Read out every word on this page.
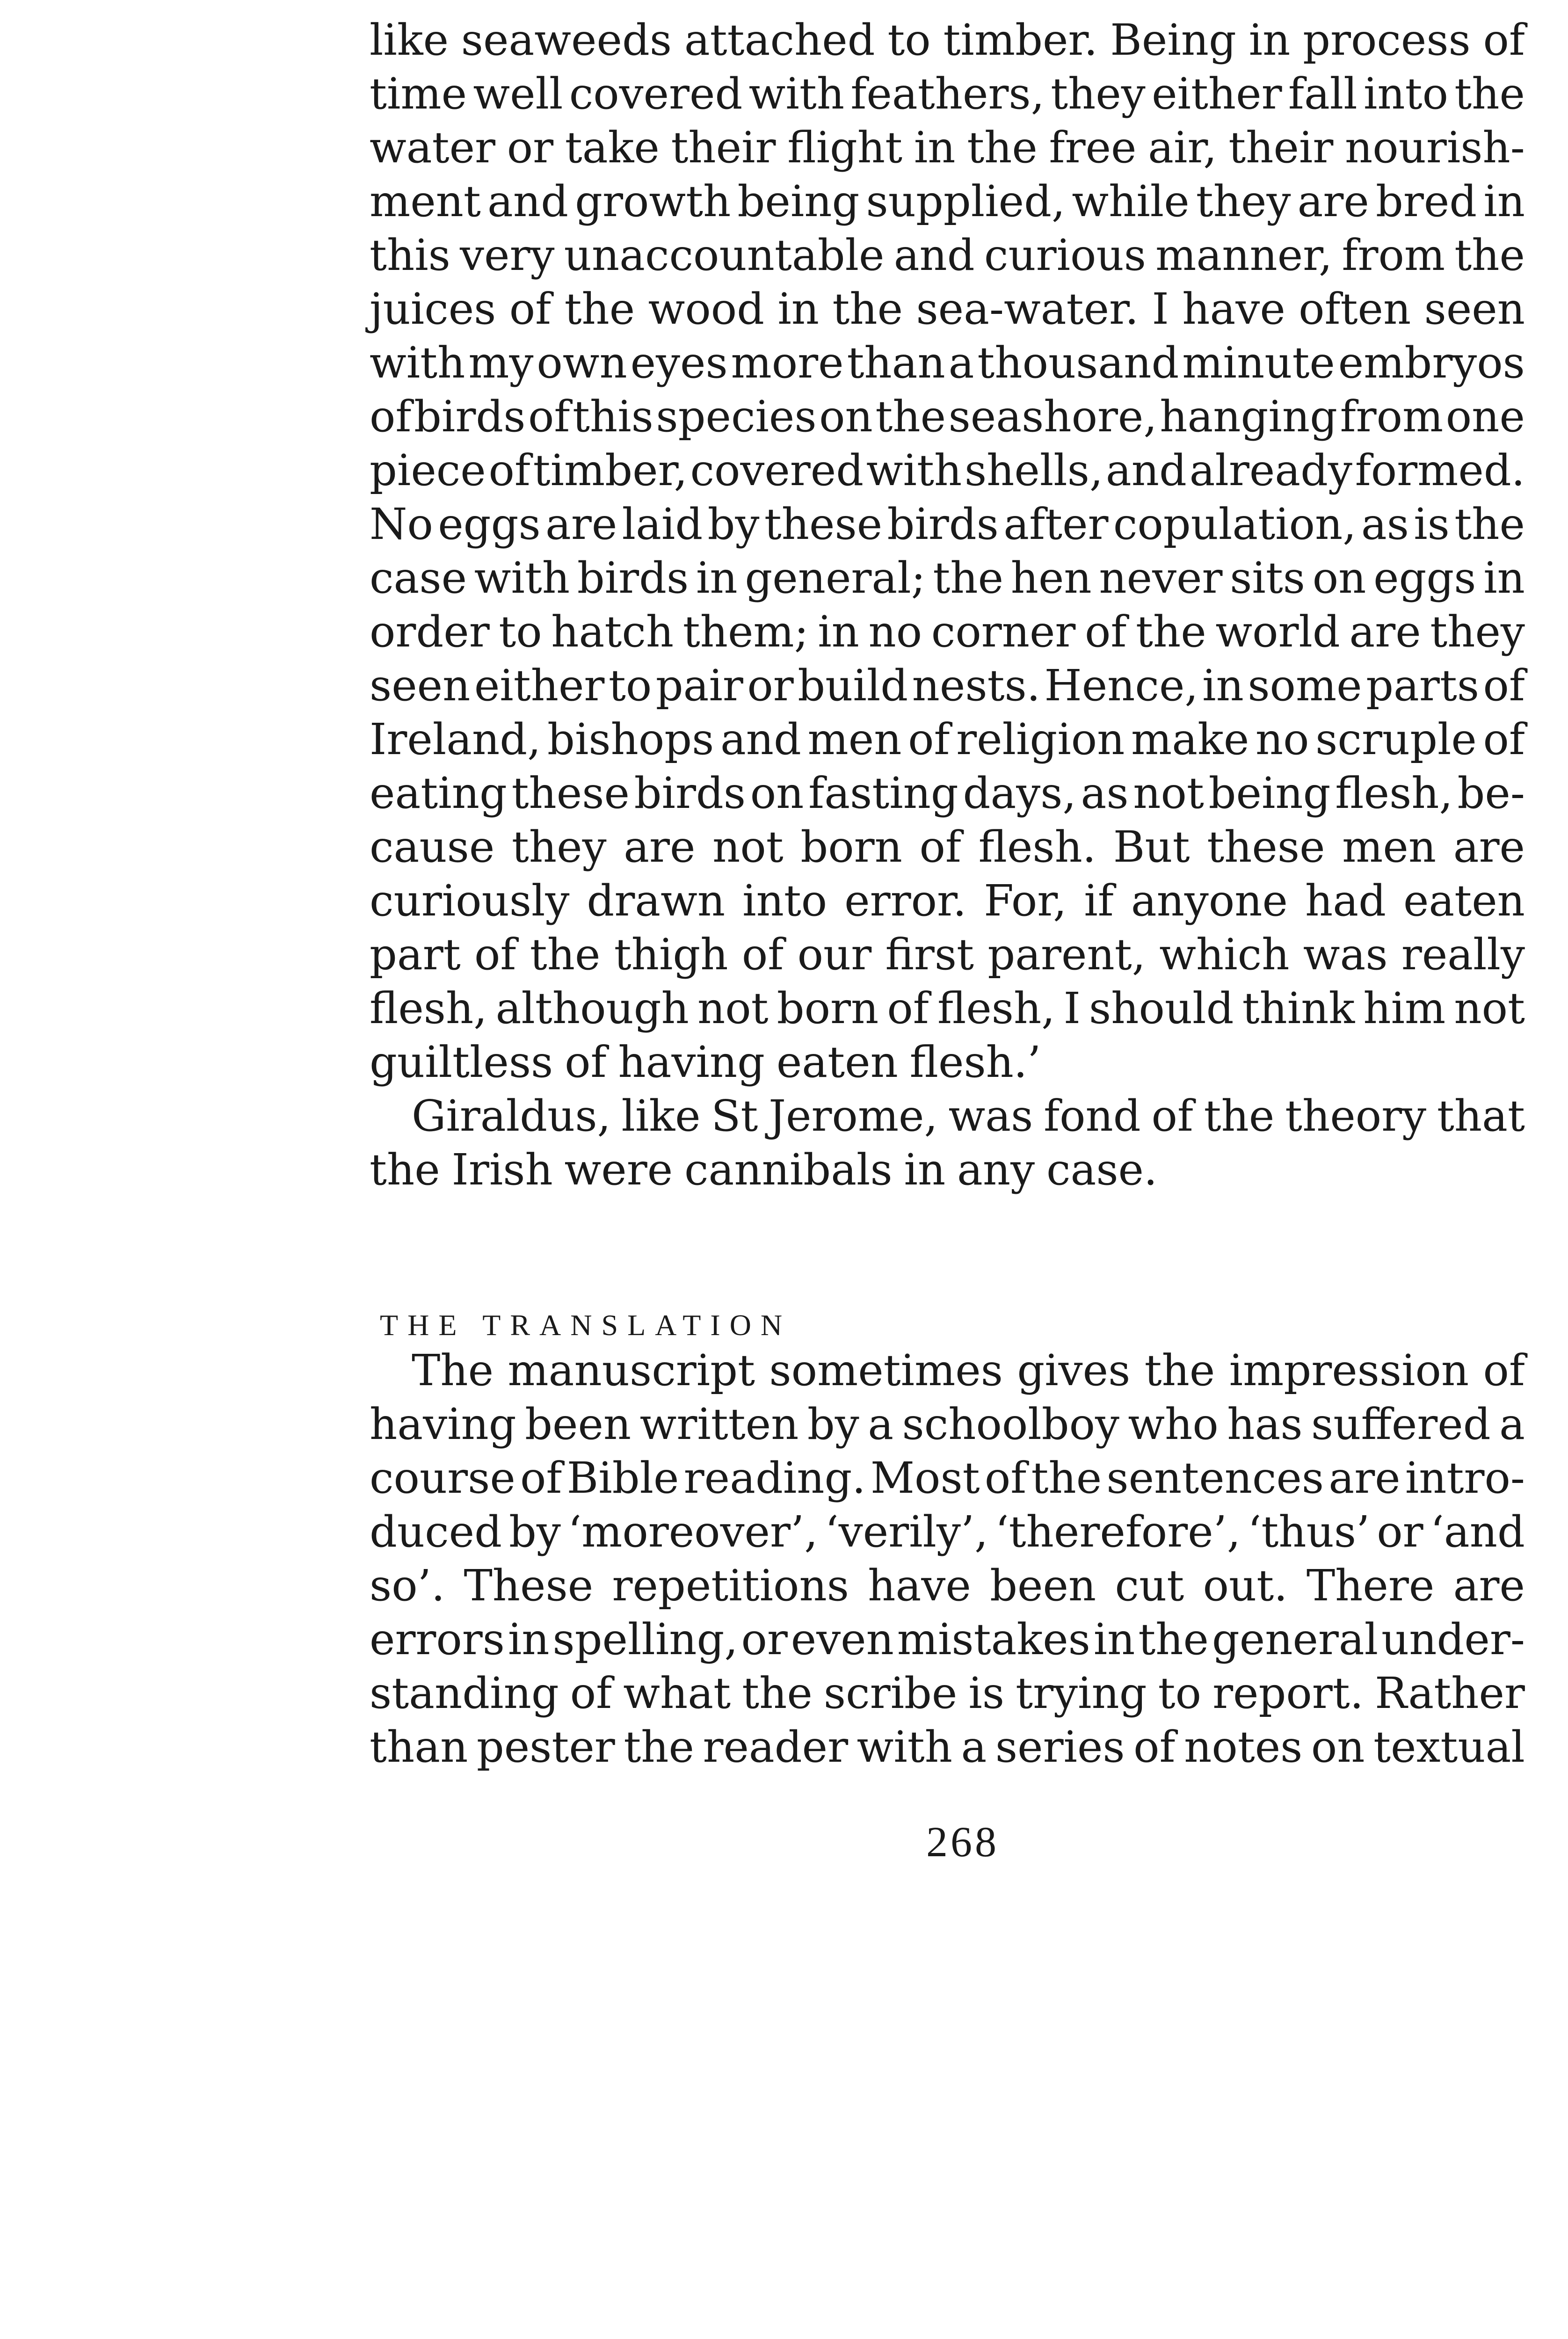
like seaweeds attached to timber. Being in process of
time well covered with feathers, they either fall into the
water or take their flight in the free air, their nourish-
ment and growth being supplied, while they are bred in
this very unaccountable and curious manner, from the
juices of the wood in the sea-water. I have often seen
with my own eyes more than a thousand minute embryos
of birds of this species on the seashore, hanging from one
piece of timber, covered with shells, and already formed.
No eggs are laid by these birds after copulation, as is the
case with birds in general; the hen never sits on eggs in
order to hatch them; in no corner of the world are they
seen either to pair or build nests. Hence, in some parts of
Ireland, bishops and men of religion make no scruple of
eating these birds on fasting days, as not being flesh, be-
cause they are not born of flesh. But these men are
curiously drawn into error. For, if anyone had eaten
part of the thigh of our first parent, which was really
flesh, although not born of flesh, I should think him not
guiltless of having eaten flesh.’
Giraldus, like St Jerome, was fond of the theory that
the Irish were cannibals in any case.
THE TRANSLATION
The manuscript sometimes gives the impression of
having been written by a schoolboy who has suffered a
course of Bible reading. Most of the sentences are intro-
duced by ‘moreover’, ‘verily’, ‘therefore’, ‘thus’ or ‘and
so’. These repetitions have been cut out. There are
errors in spelling, or even mistakes in the general under-
standing of what the scribe is trying to report. Rather
than pester the reader with a series of notes on textual
268
